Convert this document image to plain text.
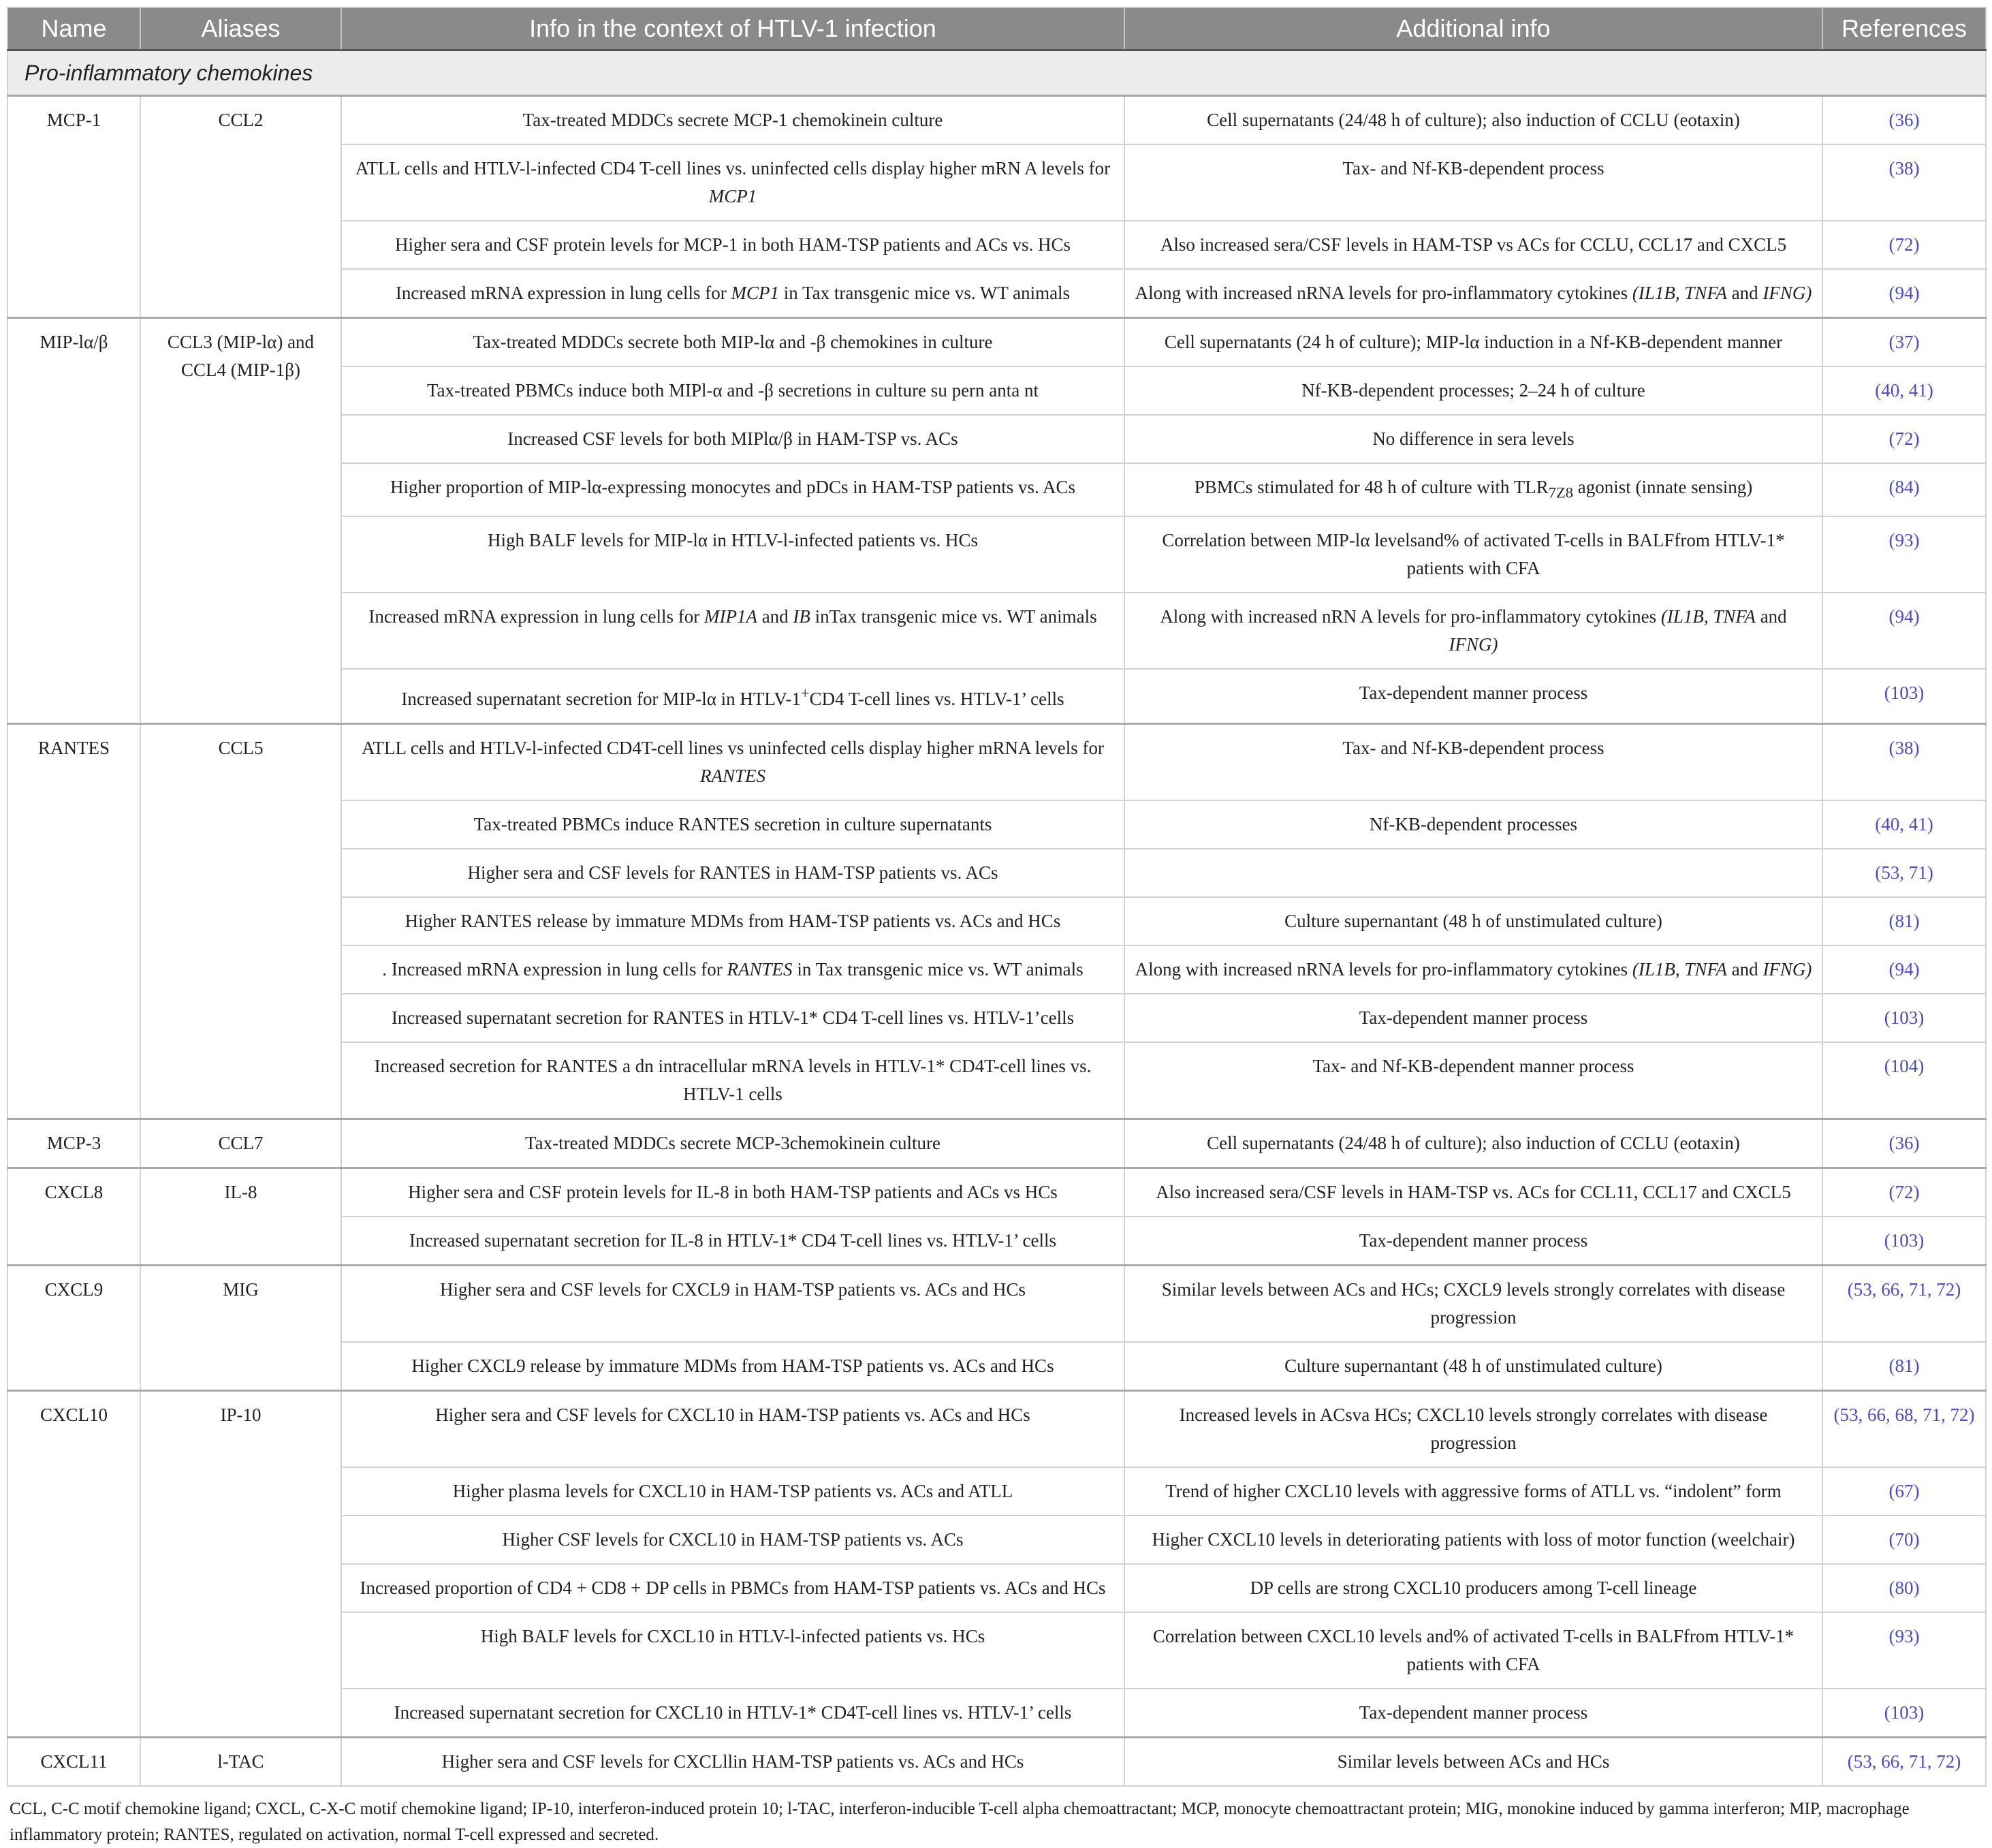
Name	Aliases	Info in the context of HTLV-1 infection	Additional info	References
Pro-inflammatory chemokines				
MCP-1	CCL2	Tax-treated MDDCs secrete MCP-1 chemokinein culture	Cell supernatants (24/48 h of culture); also induction of CCLU (eotaxin)	(36)
		ATLL cells and HTLV-l-infected CD4 T-cell lines vs. uninfected cells display higher mRN A levels for MCP1	Tax- and Nf-KB-dependent process	(38)
		Higher sera and CSF protein levels for MCP-1 in both HAM-TSP patients and ACs vs. HCs	Also increased sera/CSF levels in HAM-TSP vs ACs for CCLU, CCL17 and CXCL5	(72)
		Increased mRNA expression in lung cells for MCP1 in Tax transgenic mice vs. WT animals	Along with increased nRNA levels for pro-inflammatory cytokines (IL1B, TNFA and IFNG)	(94)
MIP-lα/β	CCL3 (MIP-lα) and CCL4 (MIP-1β)	Tax-treated MDDCs secrete both MIP-lα and -β chemokines in culture	Cell supernatants (24 h of culture); MIP-lα induction in a Nf-KB-dependent manner	(37)
		Tax-treated PBMCs induce both MIPl-α and -β secretions in culture su pern anta nt	Nf-KB-dependent processes; 2–24 h of culture	(40, 41)
		Increased CSF levels for both MIPlα/β in HAM-TSP vs. ACs	No difference in sera levels	(72)
		Higher proportion of MIP-lα-expressing monocytes and pDCs in HAM-TSP patients vs. ACs	PBMCs stimulated for 48 h of culture with $TLR_{7Z8}$ agonist (innate sensing)	(84)
		High BALF levels for MIP-lα in HTLV-l-infected patients vs. HCs	Correlation between MIP-lα levelsand% of activated T-cells in BALFfrom HTLV-1* patients with CFA	(93)
		Increased mRNA expression in lung cells for MIP1A and IB inTax transgenic mice vs. WT animals	Along with increased nRN A levels for pro-inflammatory cytokines (IL1B, TNFA and IFNG)	(94)
		Increased supernatant secretion for MIP-lα in HTLV-1+CD4 T-cell lines vs. HTLV-1’ cells	Tax-dependent manner process	(103)
RANTES	CCL5	ATLL cells and HTLV-l-infected CD4T-cell lines vs uninfected cells display higher mRNA levels for RANTES	Tax- and Nf-KB-dependent process	(38)
		Tax-treated PBMCs induce RANTES secretion in culture supernatants	Nf-KB-dependent processes	(40, 41)
		Higher sera and CSF levels for RANTES in HAM-TSP patients vs. ACs		(53, 71)
		Higher RANTES release by immature MDMs from HAM-TSP patients vs. ACs and HCs	Culture supernantant (48 h of unstimulated culture)	(81)
		. Increased mRNA expression in lung cells for RANTES in Tax transgenic mice vs. WT animals	Along with increased nRNA levels for pro-inflammatory cytokines (IL1B, TNFA and IFNG)	(94)
		Increased supernatant secretion for RANTES in HTLV-1* CD4 T-cell lines vs. HTLV-1’cells	Tax-dependent manner process	(103)
		Increased secretion for RANTES a dn intracellular mRNA levels in HTLV-1* CD4T-cell lines vs. HTLV-1 cells	Tax- and Nf-KB-dependent manner process	(104)
MCP-3	CCL7	Tax-treated MDDCs secrete MCP-3chemokinein culture	Cell supernatants (24/48 h of culture); also induction of CCLU (eotaxin)	(36)
CXCL8	IL-8	Higher sera and CSF protein levels for IL-8 in both HAM-TSP patients and ACs vs HCs	Also increased sera/CSF levels in HAM-TSP vs. ACs for CCL11, CCL17 and CXCL5	(72)
		Increased supernatant secretion for IL-8 in HTLV-1* CD4 T-cell lines vs. HTLV-1’ cells	Tax-dependent manner process	(103)
CXCL9	MIG	Higher sera and CSF levels for CXCL9 in HAM-TSP patients vs. ACs and HCs	Similar levels between ACs and HCs; CXCL9 levels strongly correlates with disease progression	(53, 66, 71, 72)
		Higher CXCL9 release by immature MDMs from HAM-TSP patients vs. ACs and HCs	Culture supernantant (48 h of unstimulated culture)	(81)
CXCL10	IP-10	Higher sera and CSF levels for CXCL10 in HAM-TSP patients vs. ACs and HCs	Increased levels in ACsva HCs; CXCL10 levels strongly correlates with disease progression	(53, 66, 68, 71, 72)
		Higher plasma levels for CXCL10 in HAM-TSP patients vs. ACs and ATLL	Trend of higher CXCL10 levels with aggressive forms of ATLL vs. “indolent” form	(67)
		Higher CSF levels for CXCL10 in HAM-TSP patients vs. ACs	Higher CXCL10 levels in deteriorating patients with loss of motor function (weelchair)	(70)
		Increased proportion of CD4 + CD8 + DP cells in PBMCs from HAM-TSP patients vs. ACs and HCs	DP cells are strong CXCL10 producers among T-cell lineage	(80)
		High BALF levels for CXCL10 in HTLV-l-infected patients vs. HCs	Correlation between CXCL10 levels and% of activated T-cells in BALFfrom HTLV-1* patients with CFA	(93)
		Increased supernatant secretion for CXCL10 in HTLV-1* CD4T-cell lines vs. HTLV-1’ cells	Tax-dependent manner process	(103)
CXCL11	l-TAC	Higher sera and CSF levels for CXCLllin HAM-TSP patients vs. ACs and HCs	Similar levels between ACs and HCs	(53, 66, 71, 72)
CCL, C-C motif chemokine ligand; CXCL, C-X-C motif chemokine ligand; IP-10, interferon-induced protein 10; l-TAC, interferon-inducible T-cell alpha chemoattractant; MCP, monocyte chemoattractant protein; MIG, monokine induced by gamma interferon; MIP, macrophage inflammatory protein; RANTES, regulated on activation, normal T-cell expressed and secreted.
